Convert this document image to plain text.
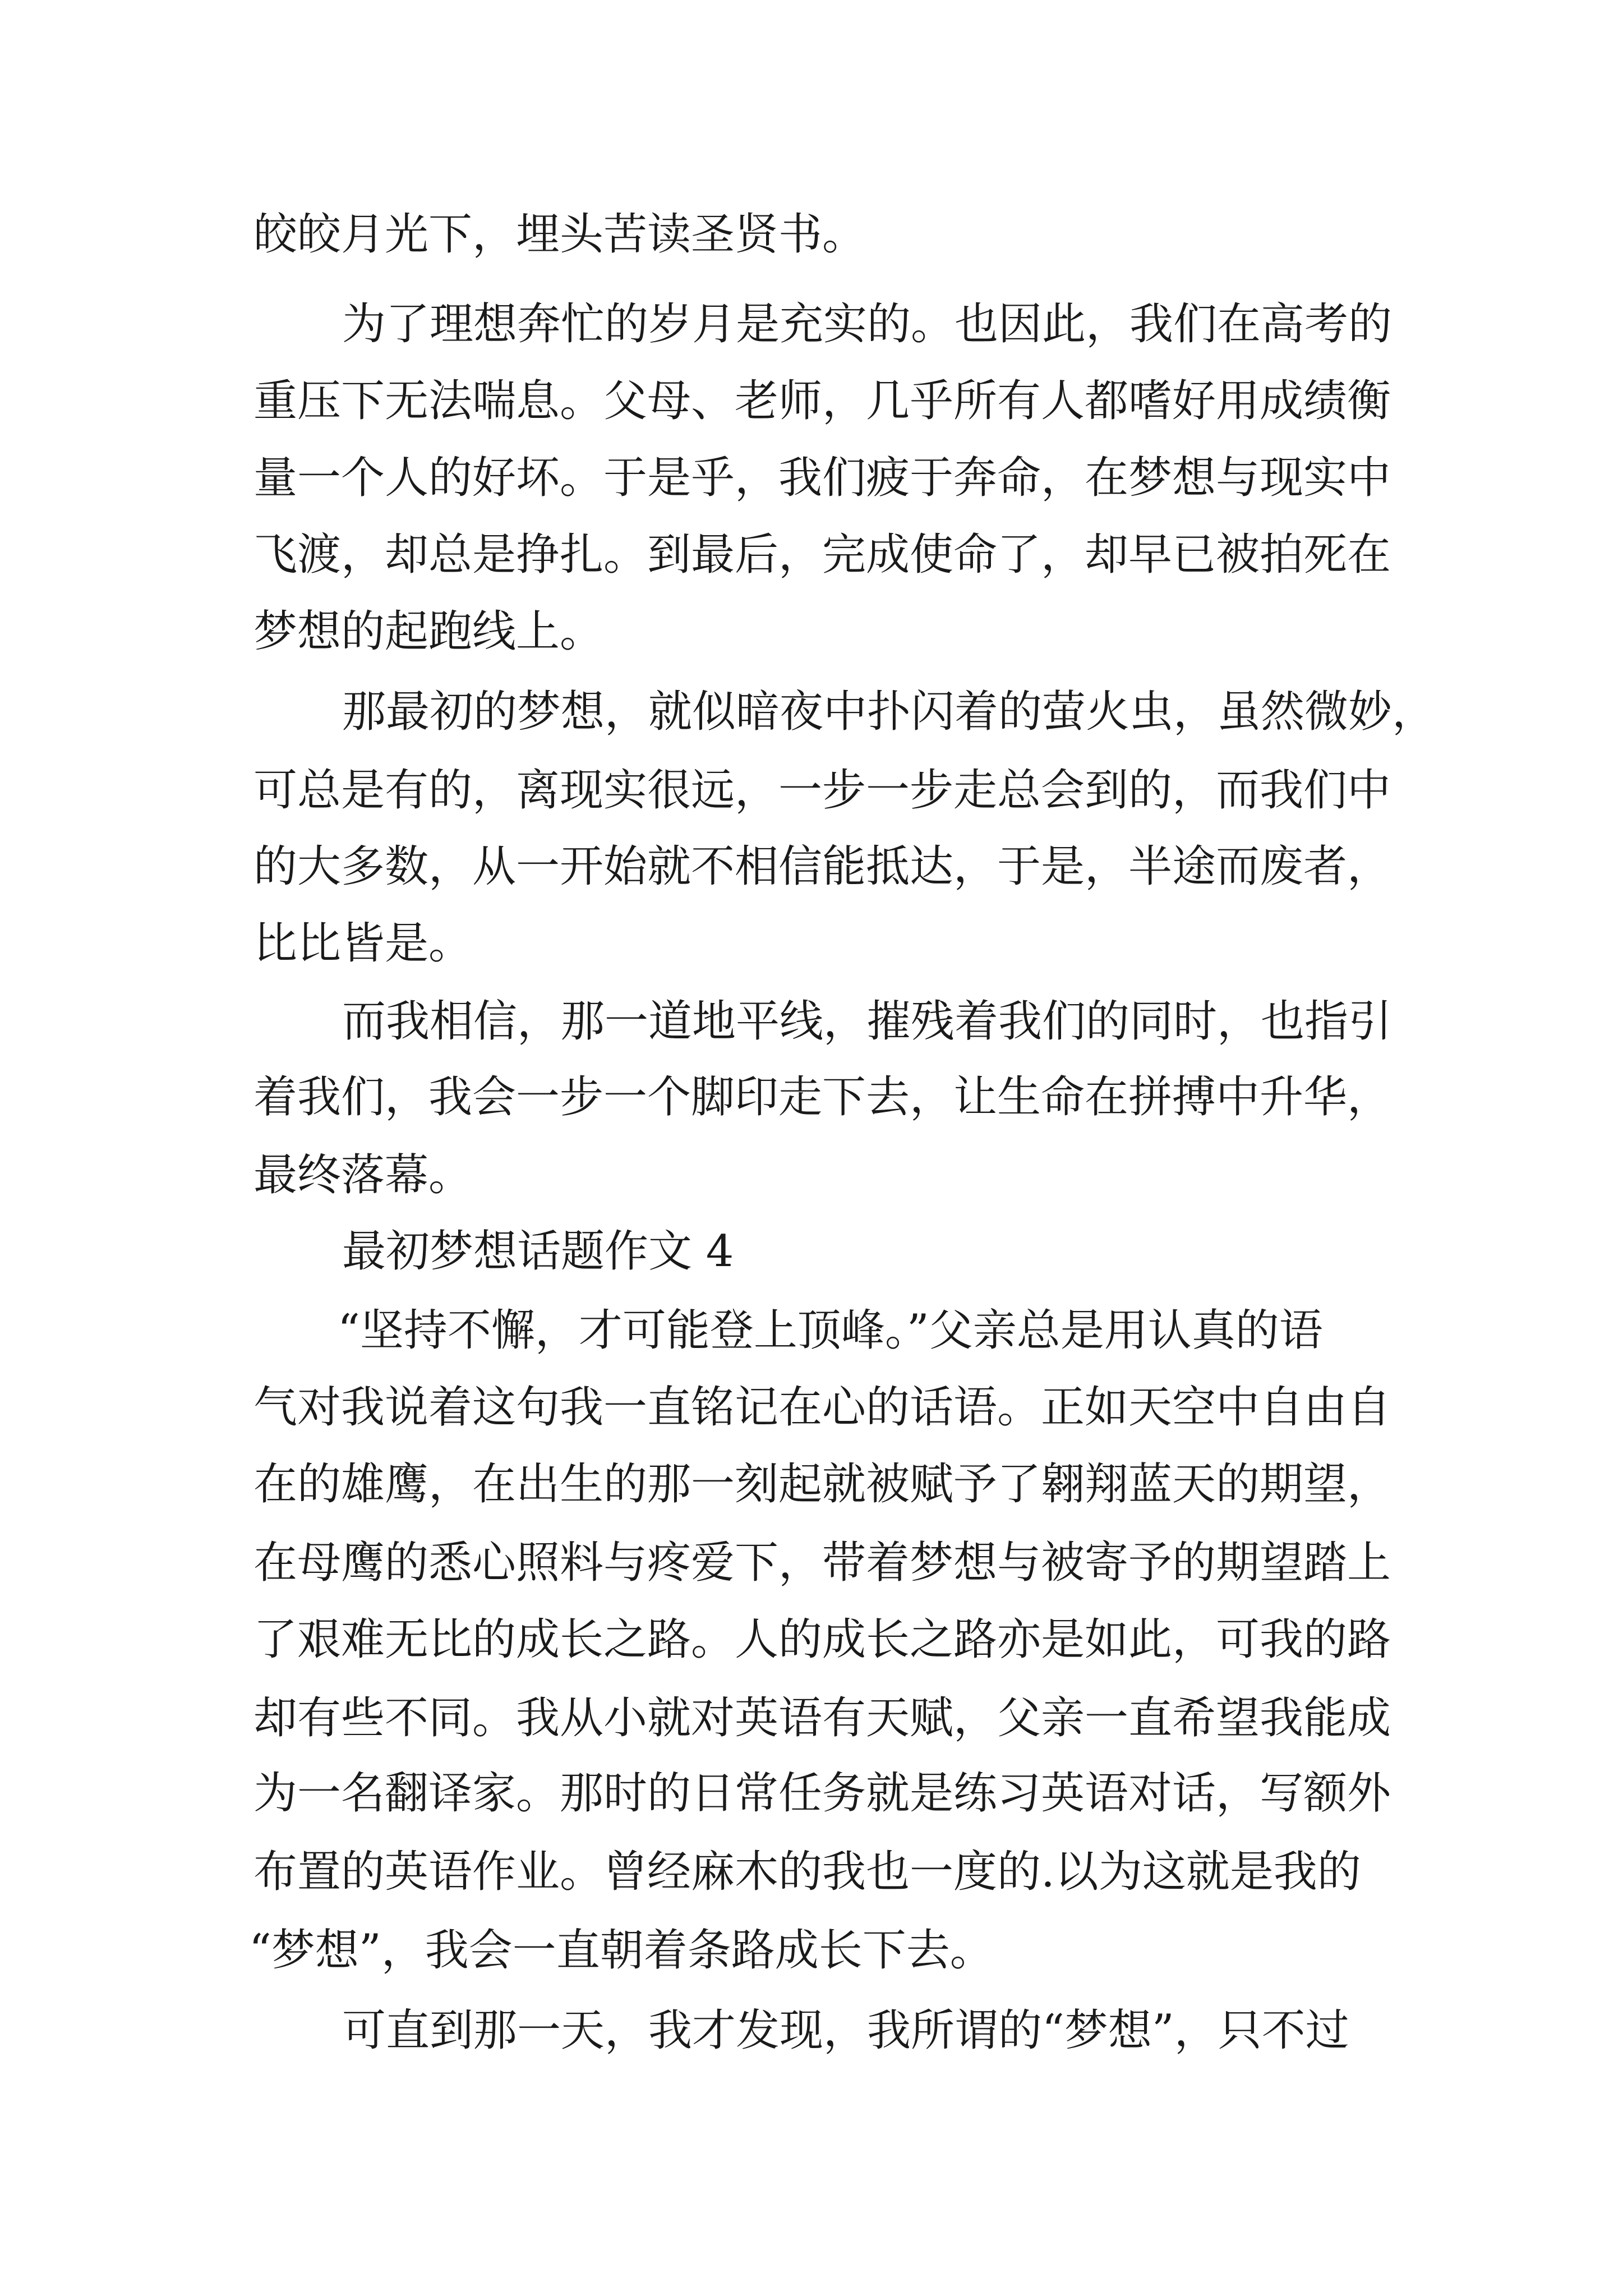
皎皎月光下，埋头苦读圣贤书。
为了理想奔忙的岁月是充实的。也因此，我们在高考的
重压下无法喘息。父母、老师，几乎所有人都嗜好用成绩衡
量一个人的好坏。于是乎，我们疲于奔命，在梦想与现实中
飞渡，却总是挣扎。到最后，完成使命了，却早已被拍死在
梦想的起跑线上。
那最初的梦想，就似暗夜中扑闪着的萤火虫，虽然微妙，
可总是有的，离现实很远，一步一步走总会到的，而我们中
的大多数，从一开始就不相信能抵达，于是，半途而废者，
比比皆是。
而我相信，那一道地平线，摧残着我们的同时，也指引
着我们，我会一步一个脚印走下去，让生命在拼搏中升华，
最终落幕。
最初梦想话题作文 4
“坚持不懈，才可能登上顶峰。”父亲总是用认真的语
气对我说着这句我一直铭记在心的话语。正如天空中自由自
在的雄鹰，在出生的那一刻起就被赋予了翱翔蓝天的期望，
在母鹰的悉心照料与疼爱下，带着梦想与被寄予的期望踏上
了艰难无比的成长之路。人的成长之路亦是如此，可我的路
却有些不同。我从小就对英语有天赋，父亲一直希望我能成
为一名翻译家。那时的日常任务就是练习英语对话，写额外
布置的英语作业。曾经麻木的我也一度的.以为这就是我的
“梦想”，我会一直朝着条路成长下去。
可直到那一天，我才发现，我所谓的“梦想”，只不过
